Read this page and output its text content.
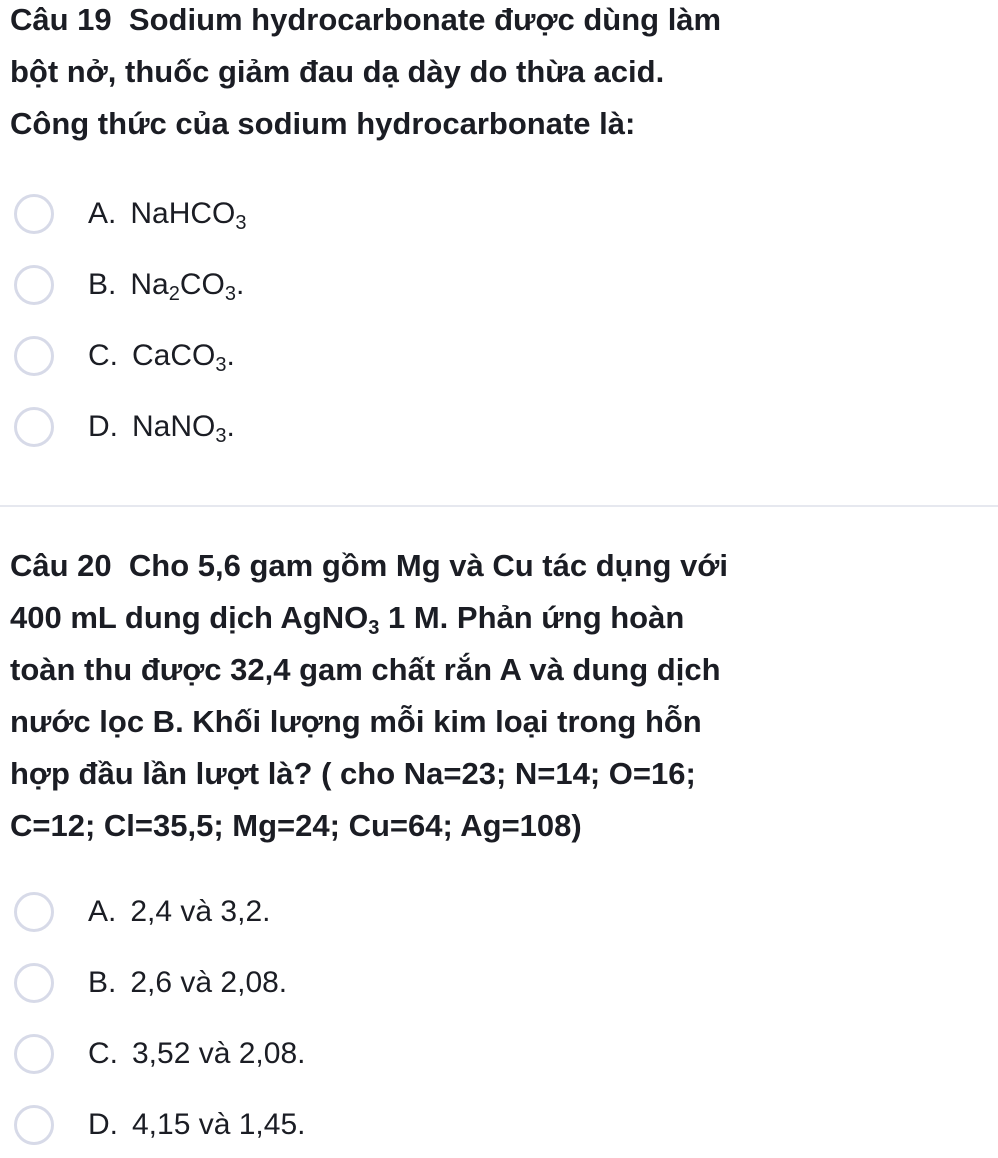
Câu 19 Sodium hydrocarbonate được dùng làm
bột nở, thuốc giảm đau dạ dày do thừa acid.
Công thức của sodium hydrocarbonate là:
A. NaHCO$_3$
B. $Na_2CO_3$.
C. CaCO$_3$.
D. NaNO$_3$.
Câu 20 Cho 5,6 gam gồm Mg và Cu tác dụng với
400 mL dung dịch AgNO$_3$ 1 M. Phản ứng hoàn
toàn thu được 32,4 gam chất rắn A và dung dịch
nước lọc B. Khối lượng mỗi kim loại trong hỗn
hợp đầu lần lượt là? ( cho Na=23; N=14; O=16;
C=12; Cl=35,5; Mg=24; Cu=64; Ag=108)
A. 2,4 và 3,2.
B. 2,6 và 2,08.
C. 3,52 và 2,08.
D. 4,15 và 1,45.
